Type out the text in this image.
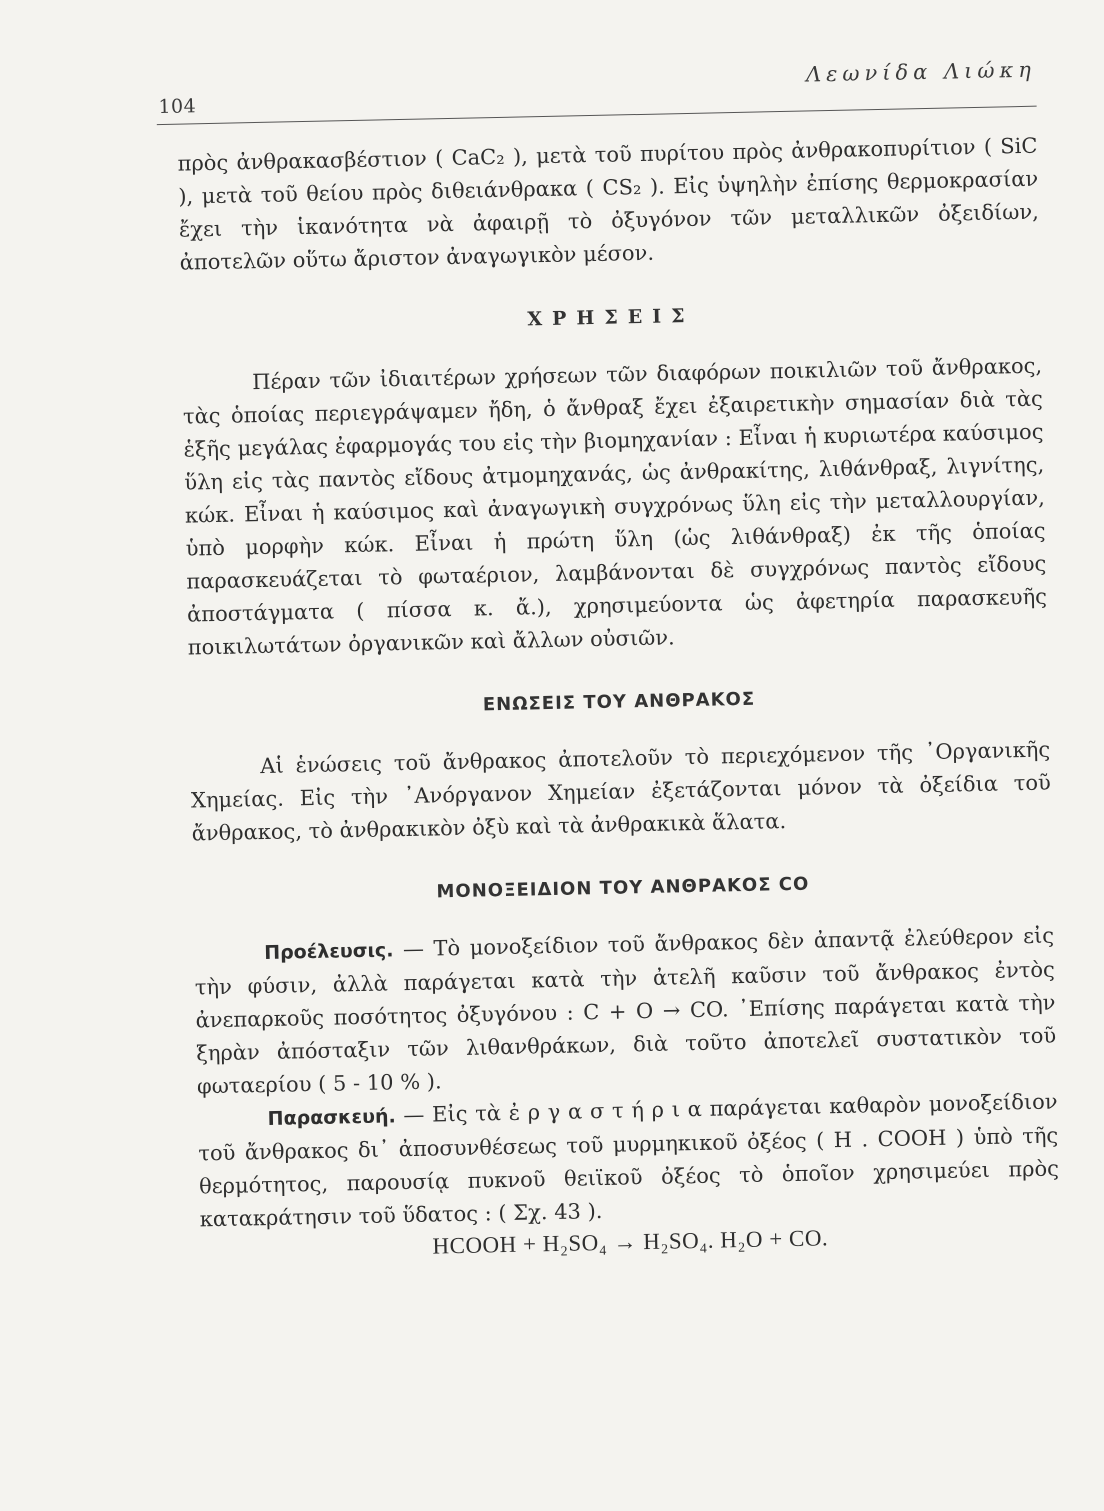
104
Λεωνίδα Λιώκη

πρὸς ἀνθρακασβέστιον ( CaC₂ ), μετὰ τοῦ πυρίτου πρὸς ἀνθρακοπυρίτιον ( SiC ), μετὰ τοῦ θείου πρὸς διθειάνθρακα ( CS₂ ). Εἰς ὑψηλὴν ἐπίσης θερμοκρασίαν ἔχει τὴν ἱκανότητα νὰ ἀφαιρῇ τὸ ὀξυγόνον τῶν μεταλλικῶν ὀξειδίων, ἀποτελῶν οὕτω ἄριστον ἀναγωγικὸν μέσον.

ΧΡΗΣΕΙΣ

Πέραν τῶν ἰδιαιτέρων χρήσεων τῶν διαφόρων ποικιλιῶν τοῦ ἄνθρακος, τὰς ὁποίας περιεγράψαμεν ἤδη, ὁ ἄνθραξ ἔχει ἐξαιρετικὴν σημασίαν διὰ τὰς ἑξῆς μεγάλας ἐφαρμογάς του εἰς τὴν βιομηχανίαν : Εἶναι ἡ κυριωτέρα καύσιμος ὕλη εἰς τὰς παντὸς εἴδους ἀτμομηχανάς, ὡς ἀνθρακίτης, λιθάνθραξ, λιγνίτης, κώκ. Εἶναι ἡ καύσιμος καὶ ἀναγωγικὴ συγχρόνως ὕλη εἰς τὴν μεταλλουργίαν, ὑπὸ μορφὴν κώκ. Εἶναι ἡ πρώτη ὕλη (ὡς λιθάνθραξ) ἐκ τῆς ὁποίας παρασκευάζεται τὸ φωταέριον, λαμβάνονται δὲ συγχρόνως παντὸς εἴδους ἀποστάγματα ( πίσσα κ. ἄ.), χρησιμεύοντα ὡς ἀφετηρία παρασκευῆς ποικιλωτάτων ὀργανικῶν καὶ ἄλλων οὐσιῶν.

ΕΝΩΣΕΙΣ ΤΟΥ ΑΝΘΡΑΚΟΣ

Αἱ ἑνώσεις τοῦ ἄνθρακος ἀποτελοῦν τὸ περιεχόμενον τῆς ᾿Οργανικῆς Χημείας. Εἰς τὴν ᾿Ανόργανον Χημείαν ἐξετάζονται μόνον τὰ ὀξείδια τοῦ ἄνθρακος, τὸ ἀνθρακικὸν ὀξὺ καὶ τὰ ἀνθρακικὰ ἅλατα.

ΜΟΝΟΞΕΙΔΙΟΝ ΤΟΥ ΑΝΘΡΑΚΟΣ CO

Προέλευσις. — Τὸ μονοξείδιον τοῦ ἄνθρακος δὲν ἀπαντᾷ ἐλεύθερον εἰς τὴν φύσιν, ἀλλὰ παράγεται κατὰ τὴν ἀτελῆ καῦσιν τοῦ ἄνθρακος ἐντὸς ἀνεπαρκοῦς ποσότητος ὀξυγόνου : C + O → CO. ᾿Επίσης παράγεται κατὰ τὴν ξηρὰν ἀπόσταξιν τῶν λιθανθράκων, διὰ τοῦτο ἀποτελεῖ συστατικὸν τοῦ φωταερίου ( 5 - 10 % ).

Παρασκευή. — Εἰς τὰ ἐ ρ γ α σ τ ή ρ ι α παράγεται καθαρὸν μονοξείδιον τοῦ ἄνθρακος δι᾿ ἀποσυνθέσεως τοῦ μυρμηκικοῦ ὀξέος ( H . COOH ) ὑπὸ τῆς θερμότητος, παρουσίᾳ πυκνοῦ θειϊκοῦ ὀξέος τὸ ὁποῖον χρησιμεύει πρὸς κατακράτησιν τοῦ ὕδατος : ( Σχ. 43 ).

HCOOH + H₂SO₄ → H₂SO₄. H₂O + CO.
